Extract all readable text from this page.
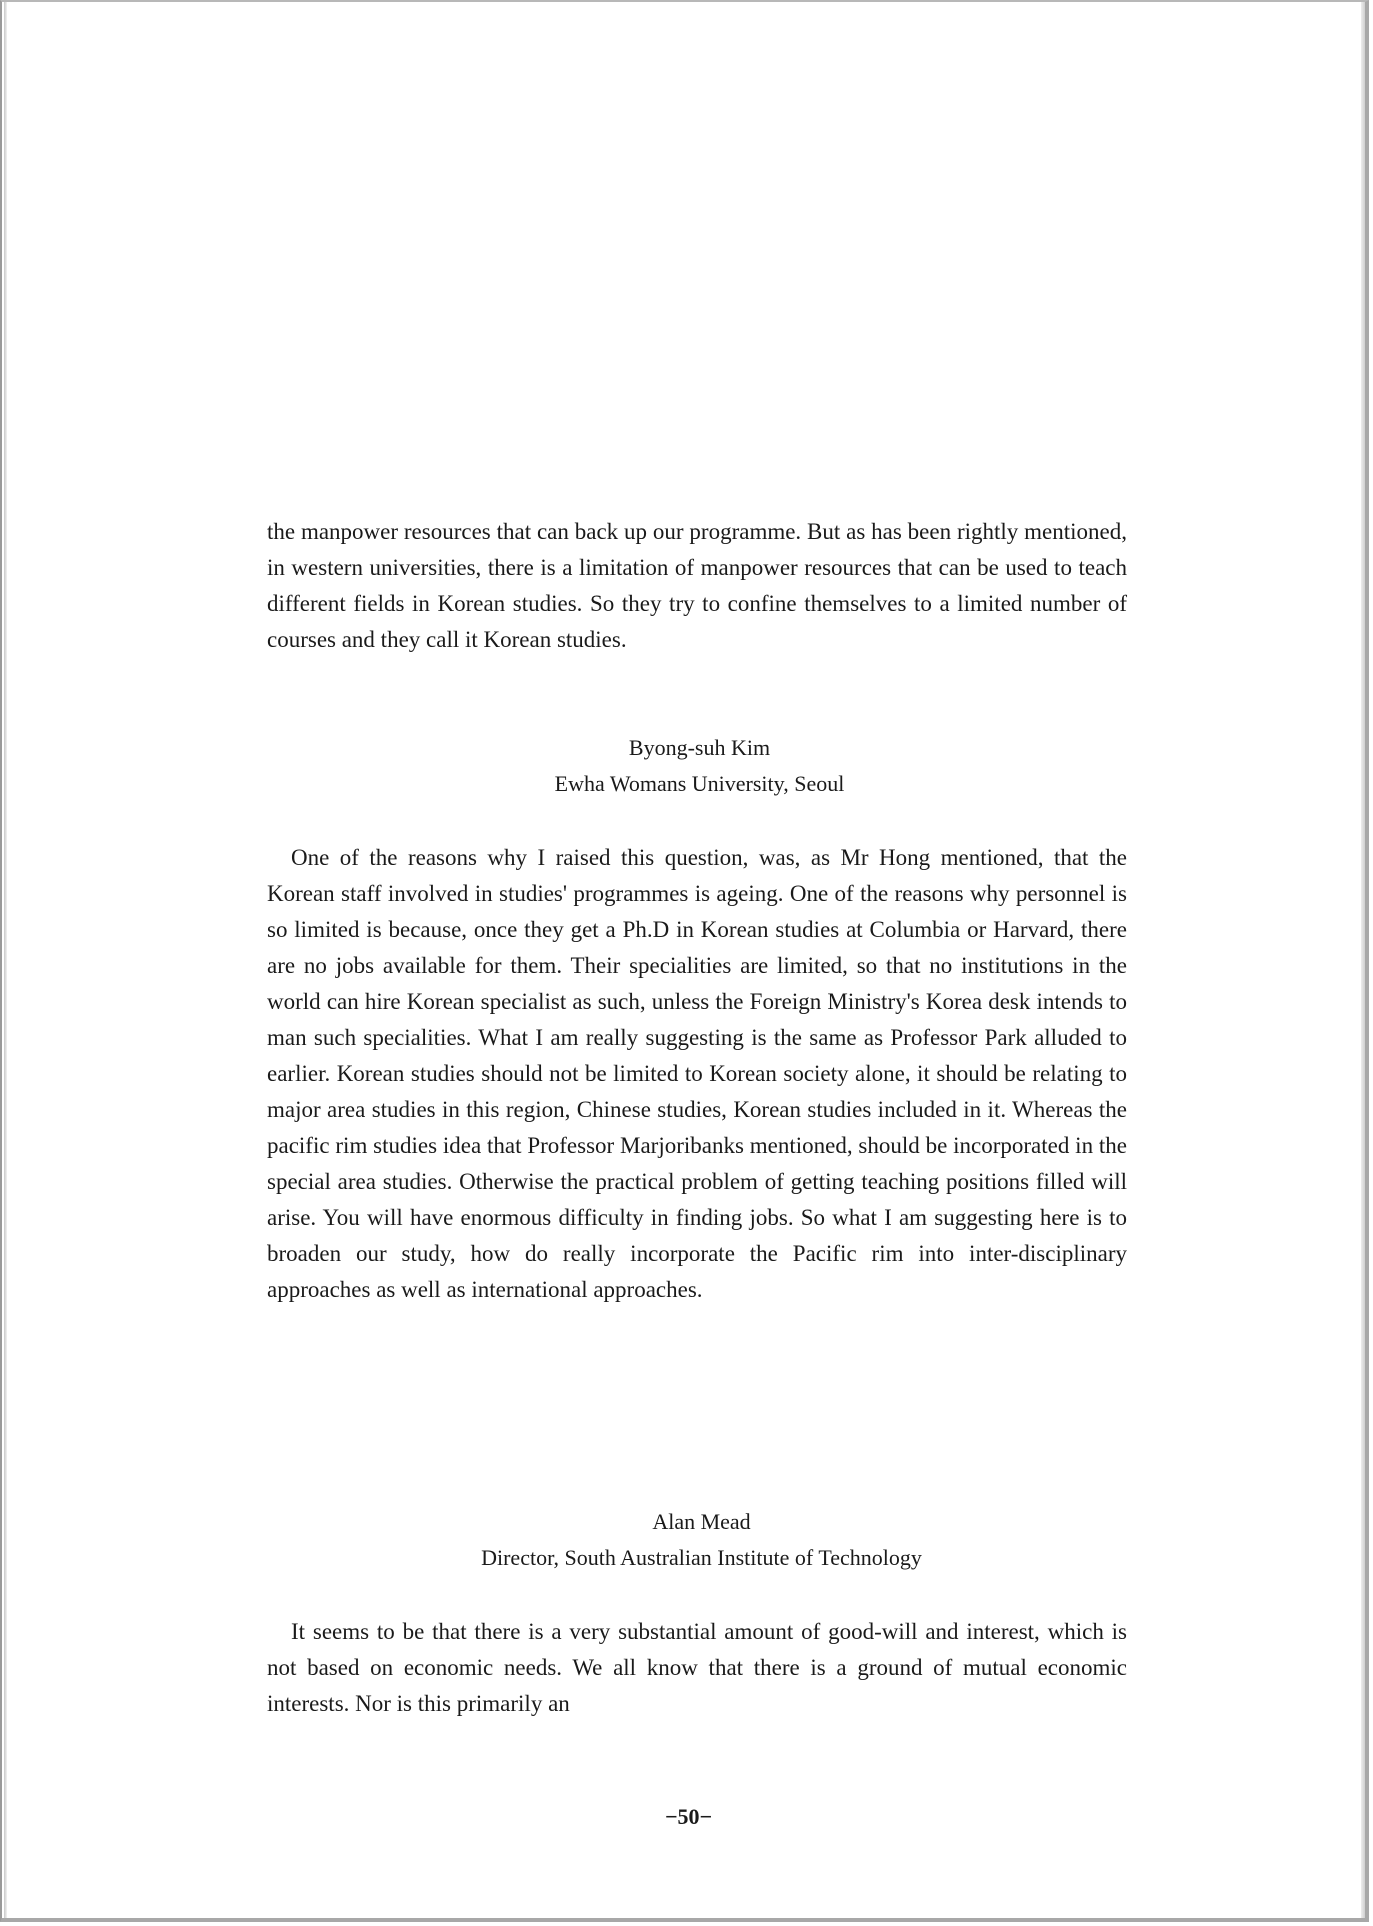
the manpower resources that can back up our programme. But as has been rightly mentioned, in western universities, there is a limitation of manpower resources that can be used to teach different fields in Korean studies. So they try to confine themselves to a limited number of courses and they call it Korean studies.

Byong-suh Kim
Ewha Womans University, Seoul

One of the reasons why I raised this question, was, as Mr Hong mentioned, that the Korean staff involved in studies' programmes is ageing. One of the reasons why personnel is so limited is because, once they get a Ph.D in Korean studies at Columbia or Harvard, there are no jobs available for them. Their specialities are limited, so that no institutions in the world can hire Korean specialist as such, unless the Foreign Ministry's Korea desk intends to man such specialities. What I am really suggesting is the same as Professor Park alluded to earlier. Korean studies should not be limited to Korean society alone, it should be relating to major area studies in this region, Chinese studies, Korean studies included in it. Whereas the pacific rim studies idea that Professor Marjoribanks mentioned, should be incorporated in the special area studies. Otherwise the practical problem of getting teaching positions filled will arise. You will have enormous difficulty in finding jobs. So what I am suggesting here is to broaden our study, how do really incorporate the Pacific rim into inter-disciplinary approaches as well as international approaches.

Alan Mead
Director, South Australian Institute of Technology

It seems to be that there is a very substantial amount of good-will and interest, which is not based on economic needs. We all know that there is a ground of mutual economic interests. Nor is this primarily an

−50−
